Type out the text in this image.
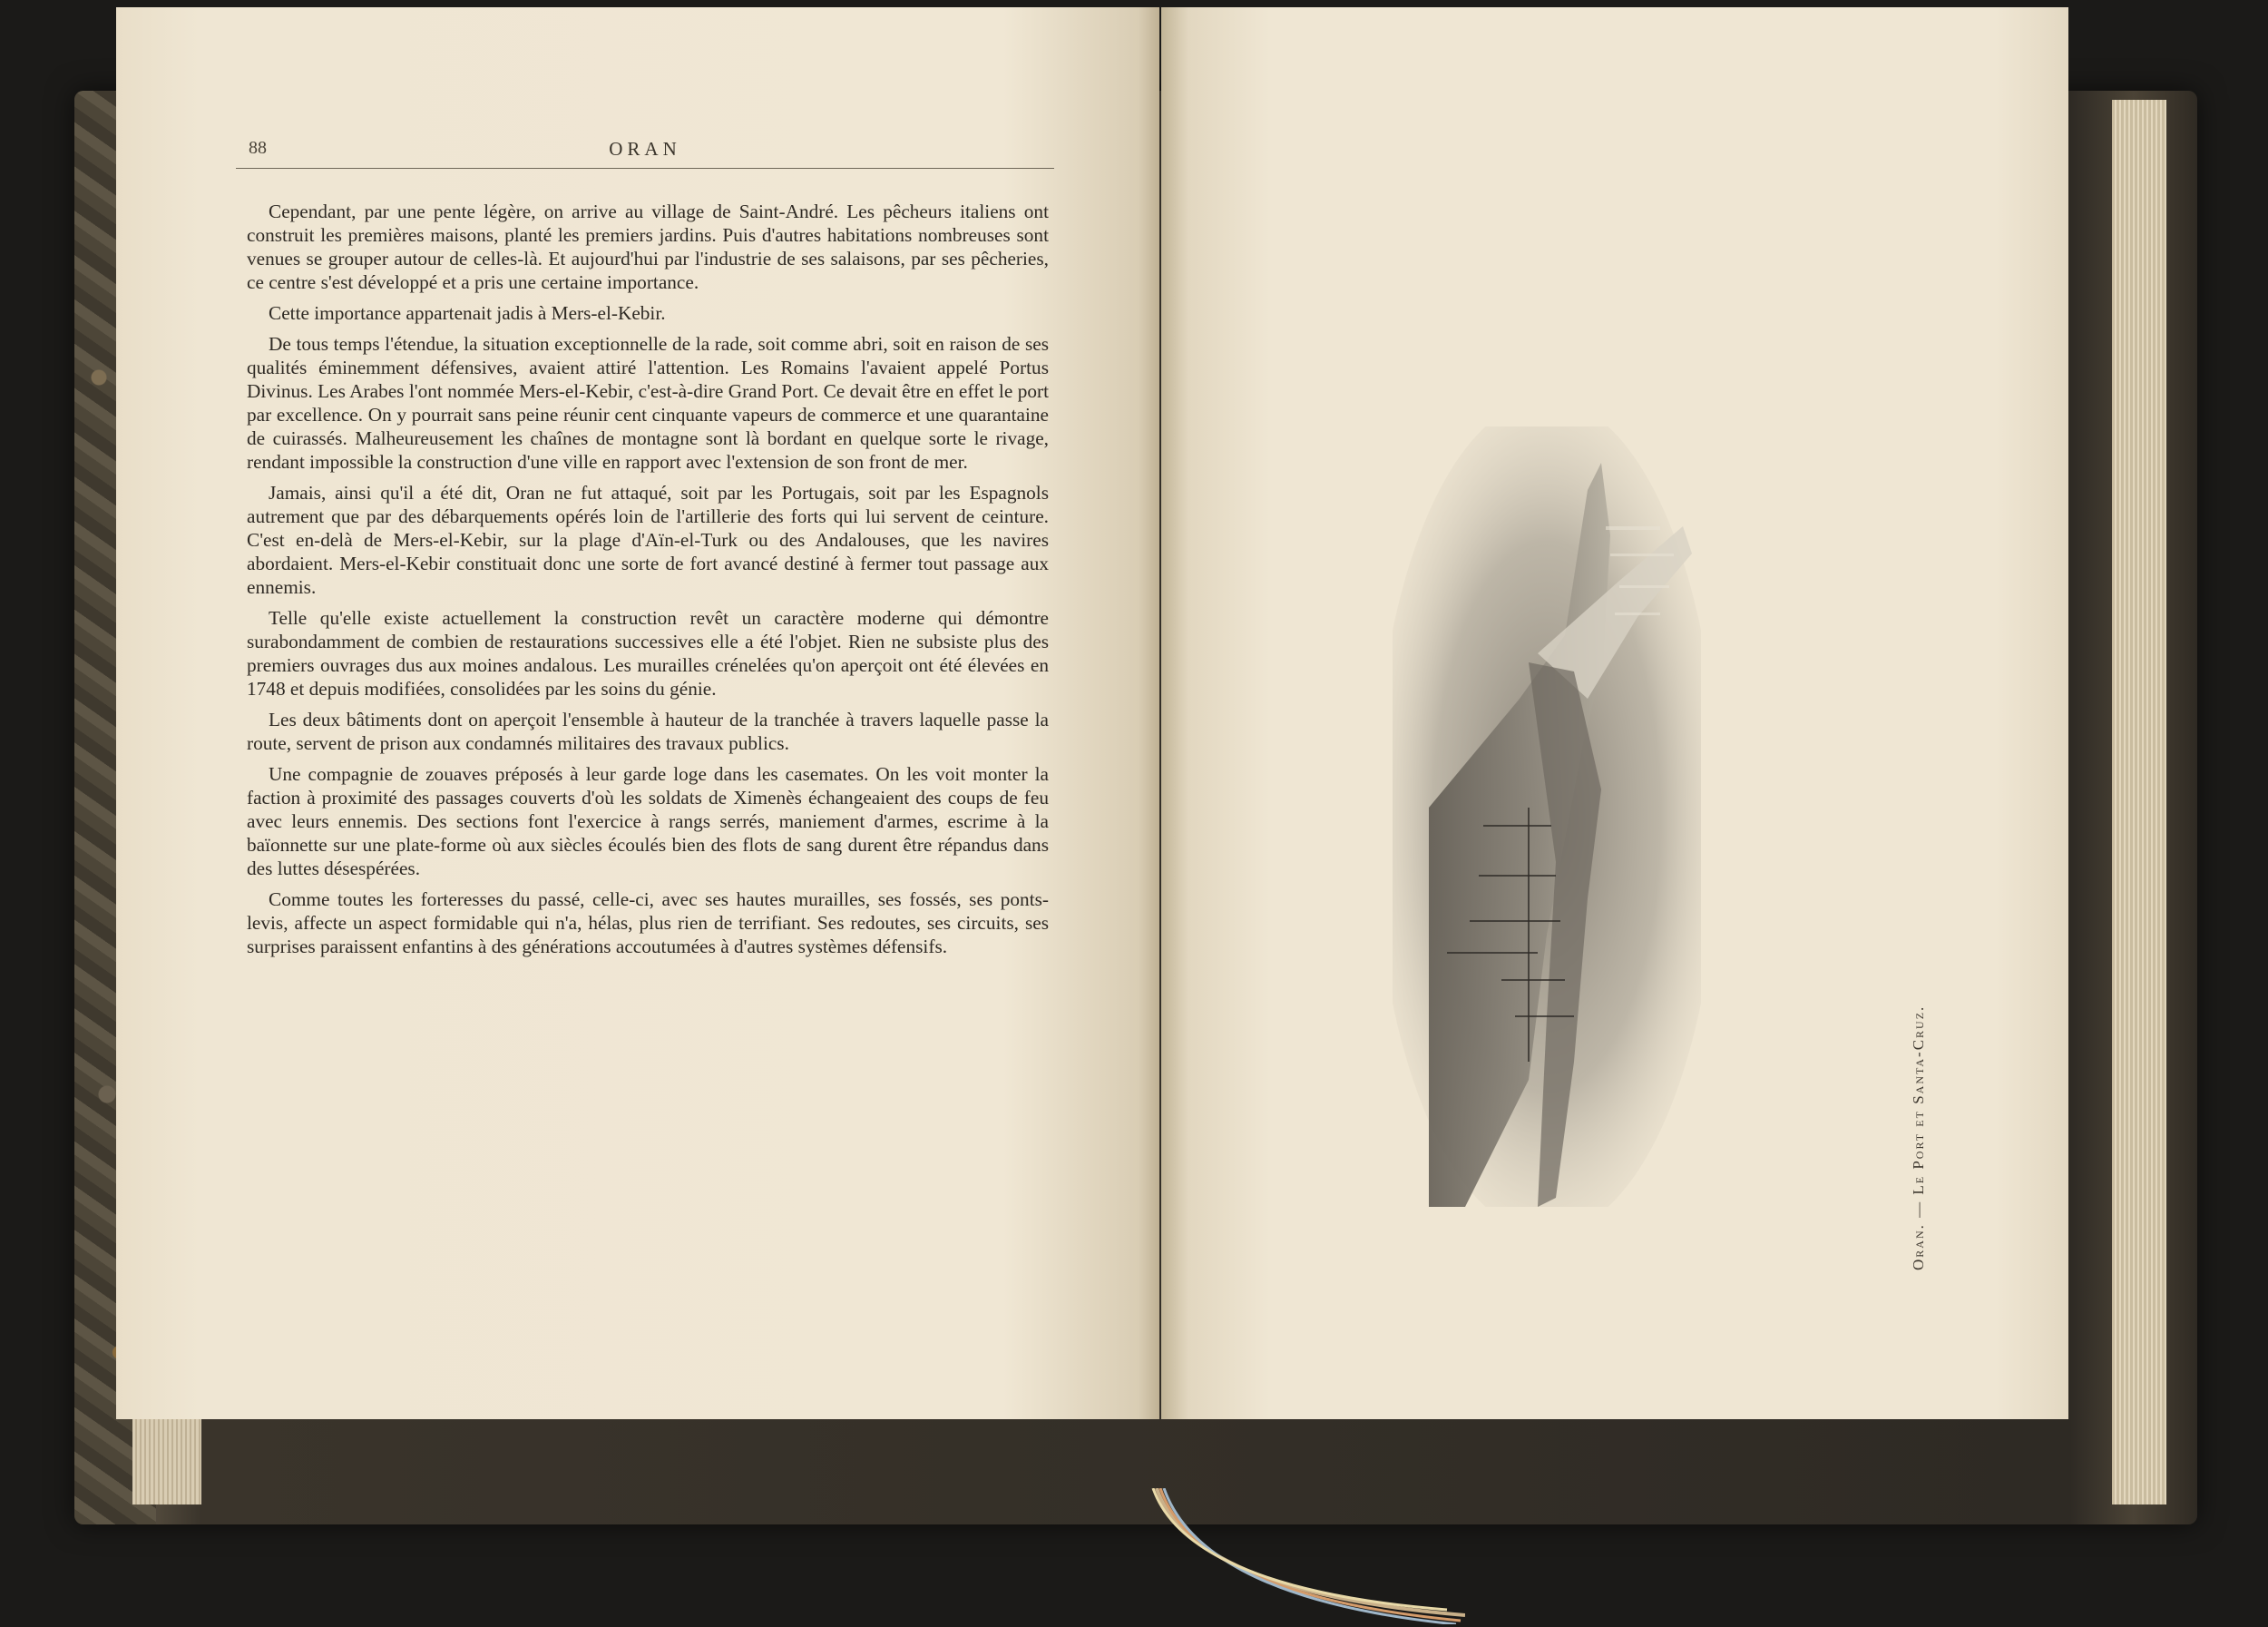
88	ORAN

Cependant, par une pente légère, on arrive au village de Saint-André. Les pêcheurs italiens ont construit les premières maisons, planté les premiers jardins. Puis d'autres habitations nombreuses sont venues se grouper autour de celles-là. Et aujourd'hui par l'industrie de ses salaisons, par ses pêcheries, ce centre s'est développé et a pris une certaine importance.

Cette importance appartenait jadis à Mers-el-Kebir.

De tous temps l'étendue, la situation exceptionnelle de la rade, soit comme abri, soit en raison de ses qualités éminemment défensives, avaient attiré l'attention. Les Romains l'avaient appelé Portus Divinus. Les Arabes l'ont nommée Mers-el-Kebir, c'est-à-dire Grand Port. Ce devait être en effet le port par excellence. On y pourrait sans peine réunir cent cinquante vapeurs de commerce et une quarantaine de cuirassés. Malheureusement les chaînes de montagne sont là bordant en quelque sorte le rivage, rendant impossible la construction d'une ville en rapport avec l'extension de son front de mer.

Jamais, ainsi qu'il a été dit, Oran ne fut attaqué, soit par les Portugais, soit par les Espagnols autrement que par des débarquements opérés loin de l'artillerie des forts qui lui servent de ceinture. C'est en-delà de Mers-el-Kebir, sur la plage d'Aïn-el-Turk ou des Andalouses, que les navires abordaient. Mers-el-Kebir constituait donc une sorte de fort avancé destiné à fermer tout passage aux ennemis.

Telle qu'elle existe actuellement la construction revêt un caractère moderne qui démontre surabondamment de combien de restaurations successives elle a été l'objet. Rien ne subsiste plus des premiers ouvrages dus aux moines andalous. Les murailles crénelées qu'on aperçoit ont été élevées en 1748 et depuis modifiées, consolidées par les soins du génie.

Les deux bâtiments dont on aperçoit l'ensemble à hauteur de la tranchée à travers laquelle passe la route, servent de prison aux condamnés militaires des travaux publics.

Une compagnie de zouaves préposés à leur garde loge dans les casemates. On les voit monter la faction à proximité des passages couverts d'où les soldats de Ximenès échangeaient des coups de feu avec leurs ennemis. Des sections font l'exercice à rangs serrés, maniement d'armes, escrime à la baïonnette sur une plate-forme où aux siècles écoulés bien des flots de sang durent être répandus dans des luttes désespérées.

Comme toutes les forteresses du passé, celle-ci, avec ses hautes murailles, ses fossés, ses ponts-levis, affecte un aspect formidable qui n'a, hélas, plus rien de terrifiant. Ses redoutes, ses circuits, ses surprises paraissent enfantins à des générations accoutumées à d'autres systèmes défensifs.

Oran. — Le Port et Santa-Cruz.
